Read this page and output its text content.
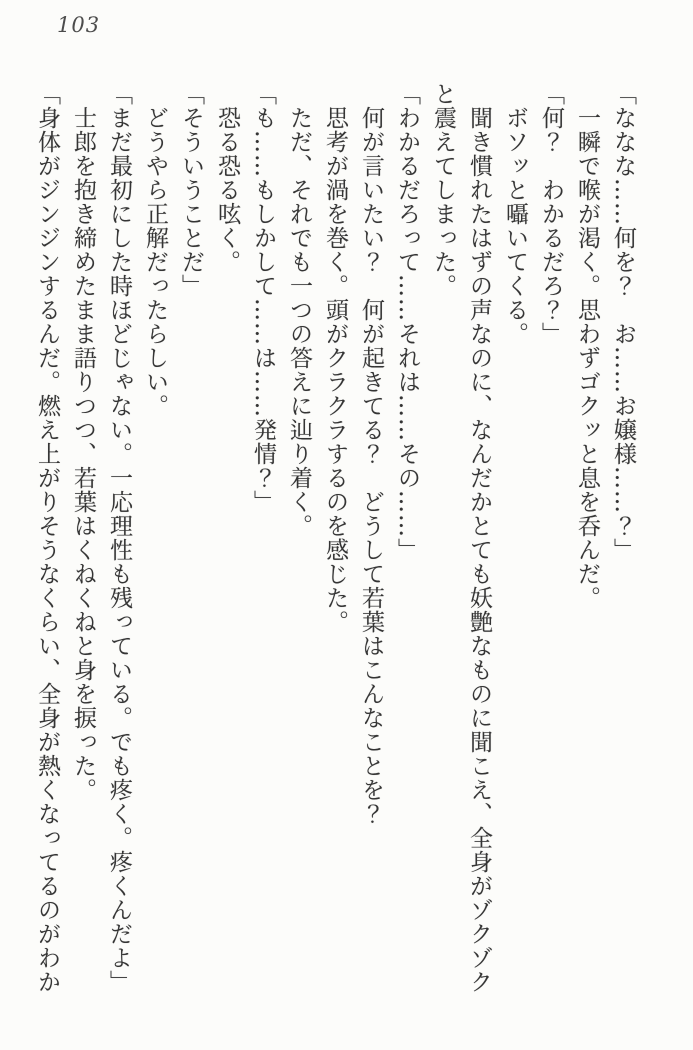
103

「ななな……何を？　お……お嬢様……？」

　一瞬で喉が渇く。思わずゴクッと息を呑んだ。

「何？　わかるだろ？」

　ボソッと囁いてくる。

　聞き慣れたはずの声なのに、なんだかとても妖艶なものに聞こえ、全身がゾクゾクと震えてしまった。

「わかるだろって……それは……その……」

　何が言いたい？　何が起きてる？　どうして若葉はこんなことを？

　思考が渦を巻く。頭がクラクラするのを感じた。

　ただ、それでも一つの答えに辿り着く。

「も……もしかして……は……発情？」

　恐る恐る呟く。

「そういうことだ」

　どうやら正解だったらしい。

「まだ最初にした時ほどじゃない。一応理性も残っている。でも疼く。疼くんだよ」

　士郎を抱き締めたまま語りつつ、若葉はくねくねと身を捩った。

「身体がジンジンするんだ。燃え上がりそうなくらい、全身が熱くなってるのがわか
